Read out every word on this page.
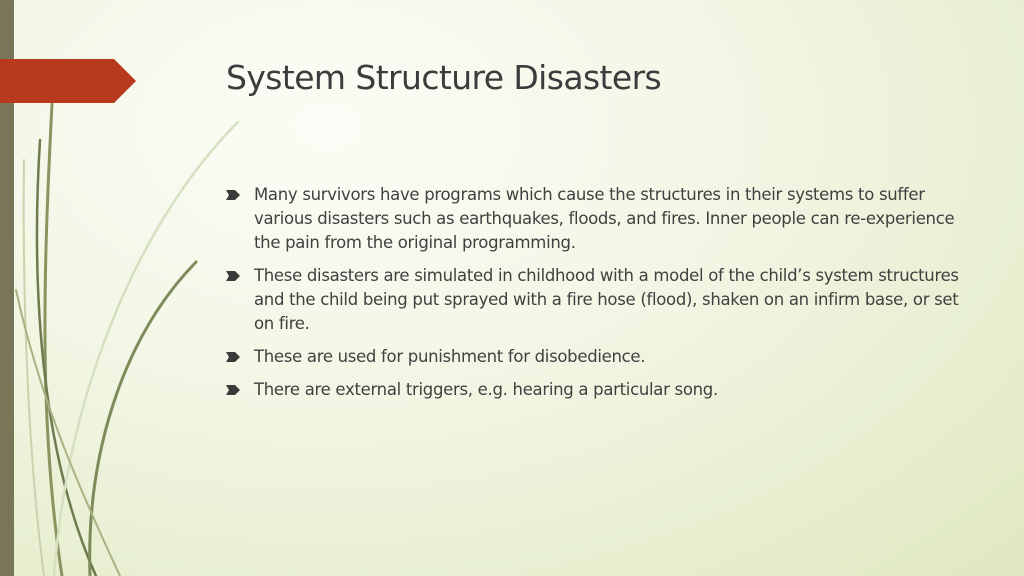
System Structure Disasters
Many survivors have programs which cause the structures in their systems to suffer various disasters such as earthquakes, floods, and fires. Inner people can re-experience the pain from the original programming.
These disasters are simulated in childhood with a model of the child’s system structures and the child being put sprayed with a fire hose (flood), shaken on an infirm base, or set on fire.
These are used for punishment for disobedience.
There are external triggers, e.g. hearing a particular song.
